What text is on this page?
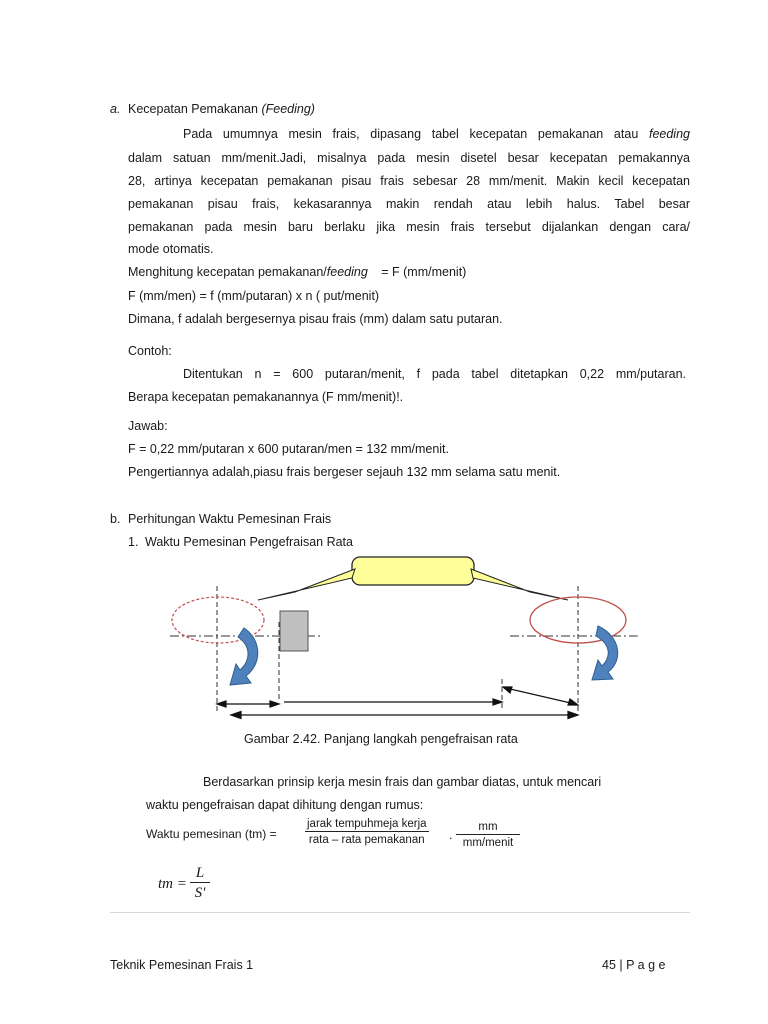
a. Kecepatan Pemakanan (Feeding)
Pada umumnya mesin frais, dipasang tabel kecepatan pemakanan atau feeding
dalam satuan mm/menit.Jadi, misalnya pada mesin disetel besar kecepatan pemakannya
28, artinya kecepatan pemakanan pisau frais sebesar 28 mm/menit. Makin kecil kecepatan
pemakanan pisau frais, kekasarannya makin rendah atau lebih halus. Tabel besar
pemakanan pada mesin baru berlaku jika mesin frais tersebut dijalankan dengan cara/
mode otomatis.
Menghitung kecepatan pemakanan/feeding = F (mm/menit)
F (mm/men) = f (mm/putaran) x n ( put/menit)
Dimana, f adalah bergesernya pisau frais (mm) dalam satu putaran.
Contoh:
Ditentukan n = 600 putaran/menit, f pada tabel ditetapkan 0,22 mm/putaran.
Berapa kecepatan pemakanannya (F mm/menit)!.
Jawab:
F = 0,22 mm/putaran x 600 putaran/men = 132 mm/menit.
Pengertiannya adalah,piasu frais bergeser sejauh 132 mm selama satu menit.
b. Perhitungan Waktu Pemesinan Frais
1. Waktu Pemesinan Pengefraisan Rata
Gambar 2.42. Panjang langkah pengefraisan rata
Berdasarkan prinsip kerja mesin frais dan gambar diatas, untuk mencari
waktu pengefraisan dapat dihitung dengan rumus:
Waktu pemesinan (tm) =
jarak tempuhmeja kerja
rata – rata pemakanan	.
mm
mm/menit
tm = $\frac{L}{S'}$
Teknik Pemesinan Frais 1	45 | P a g e
